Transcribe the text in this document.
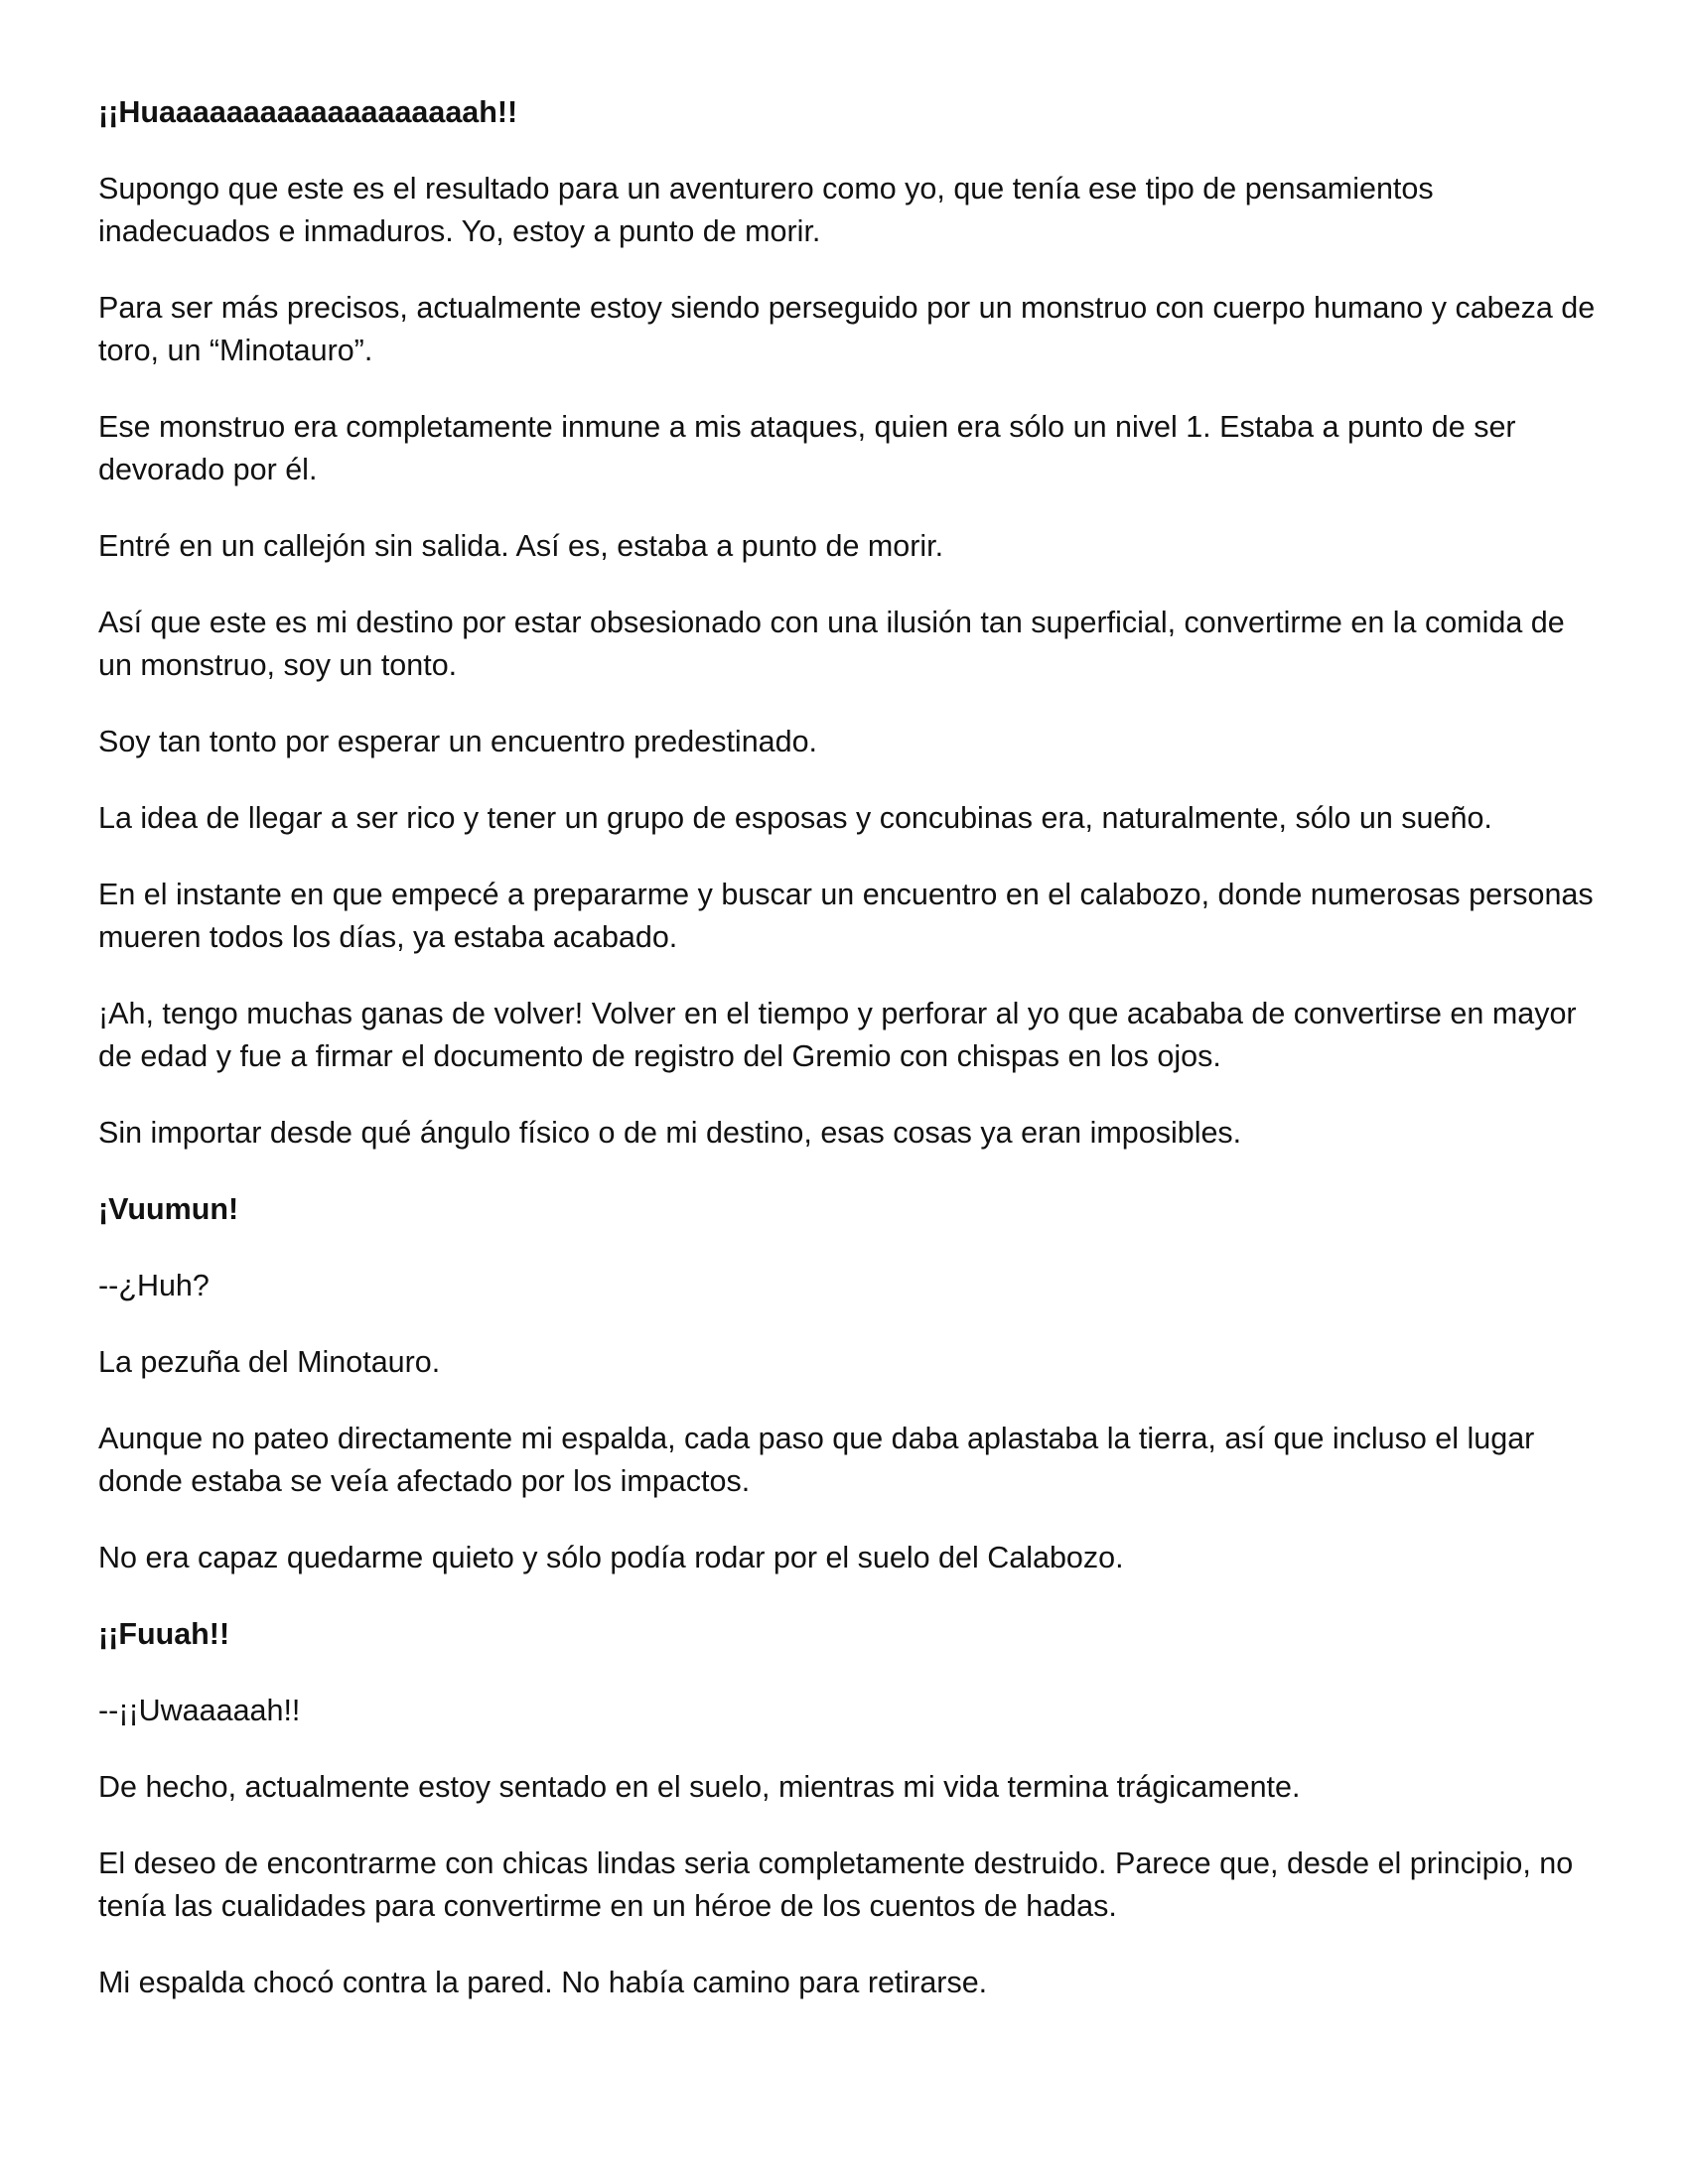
¡¡Huaaaaaaaaaaaaaaaaaaah!!

Supongo que este es el resultado para un aventurero como yo, que tenía ese tipo de pensamientos inadecuados e inmaduros. Yo, estoy a punto de morir.

Para ser más precisos, actualmente estoy siendo perseguido por un monstruo con cuerpo humano y cabeza de toro, un “Minotauro”.

Ese monstruo era completamente inmune a mis ataques, quien era sólo un nivel 1. Estaba a punto de ser devorado por él.

Entré en un callejón sin salida. Así es, estaba a punto de morir.

Así que este es mi destino por estar obsesionado con una ilusión tan superficial, convertirme en la comida de un monstruo, soy un tonto.

Soy tan tonto por esperar un encuentro predestinado.

La idea de llegar a ser rico y tener un grupo de esposas y concubinas era, naturalmente, sólo un sueño.

En el instante en que empecé a prepararme y buscar un encuentro en el calabozo, donde numerosas personas mueren todos los días, ya estaba acabado.

¡Ah, tengo muchas ganas de volver! Volver en el tiempo y perforar al yo que acababa de convertirse en mayor de edad y fue a firmar el documento de registro del Gremio con chispas en los ojos.

Sin importar desde qué ángulo físico o de mi destino, esas cosas ya eran imposibles.

¡Vuumun!

--¿Huh?

La pezuña del Minotauro.

Aunque no pateo directamente mi espalda, cada paso que daba aplastaba la tierra, así que incluso el lugar donde estaba se veía afectado por los impactos.

No era capaz quedarme quieto y sólo podía rodar por el suelo del Calabozo.

¡¡Fuuah!!

--¡¡Uwaaaaah!!

De hecho, actualmente estoy sentado en el suelo, mientras mi vida termina trágicamente.

El deseo de encontrarme con chicas lindas seria completamente destruido. Parece que, desde el principio, no tenía las cualidades para convertirme en un héroe de los cuentos de hadas.

Mi espalda chocó contra la pared. No había camino para retirarse.
